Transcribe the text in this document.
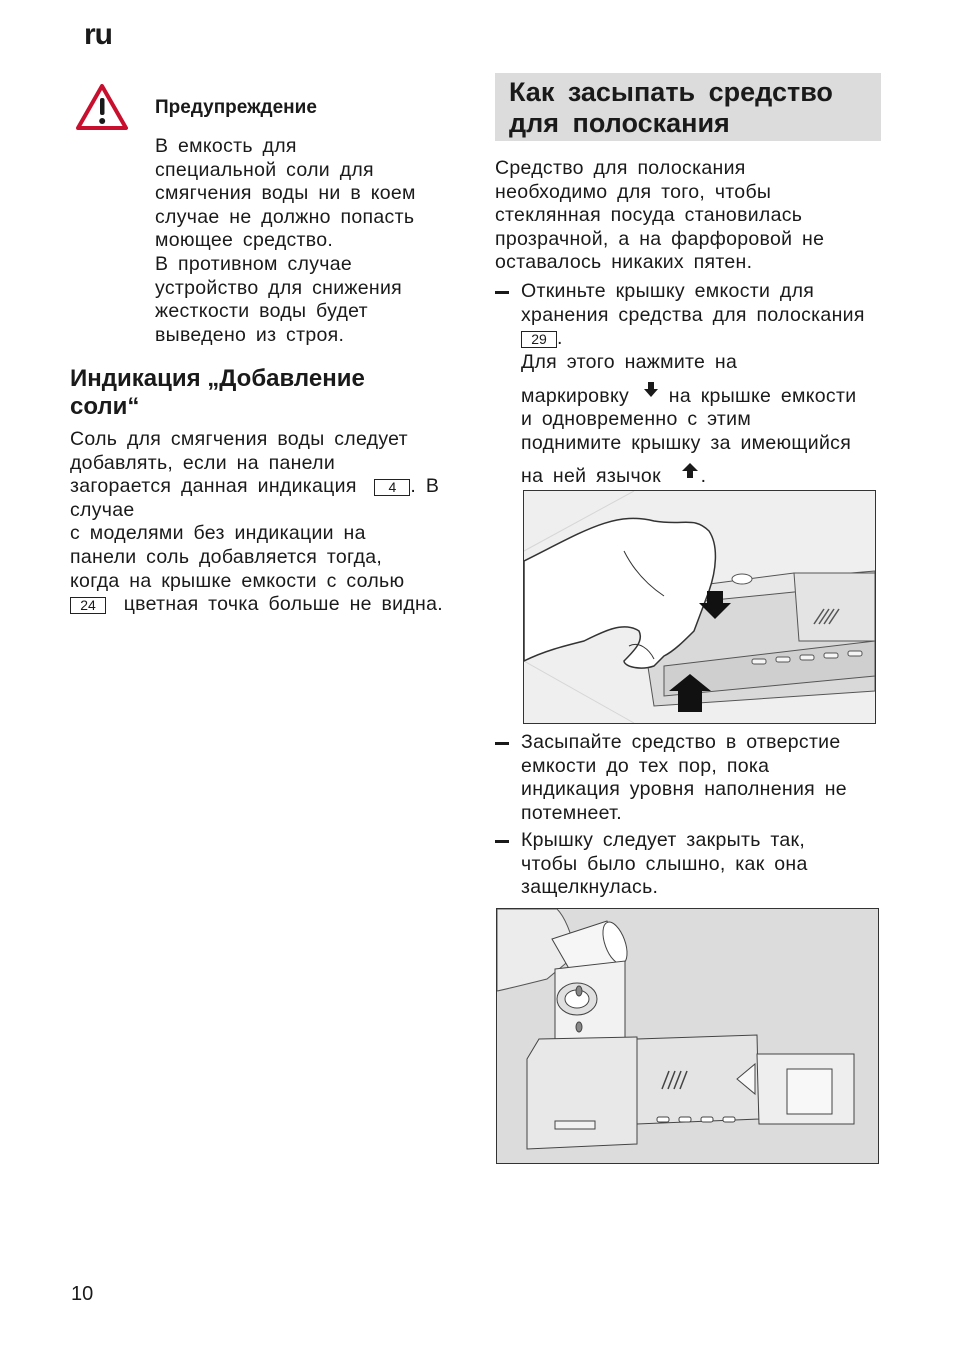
ru
Предупреждение
В емкость для
специальной соли для
смягчения воды ни в коем
случае не должно попасть
моющее средство.
В противном случае
устройство для снижения
жесткости воды будет
выведено из строя.
Индикация „Добавление
соли“
Соль для смягчения воды следует
добавлять, если на панели
загорается данная индикация 4 . В
случае
с моделями без индикации на
панели соль добавляется тогда,
когда на крышке емкости с солью
24 цветная точка больше не видна.
Как засыпать средство
для полоскания
Средство для полоскания
необходимо для того, чтобы
стеклянная посуда становилась
прозрачной, а на фарфоровой не
оставалось никаких пятен.
Откиньте крышку емкости для
хранения средства для полоскания
29 .
Для этого нажмите на
маркировку на крышке емкости
и одновременно с этим
поднимите крышку за имеющийся
на ней язычок .
Засыпайте средство в отверстие
емкости до тех пор, пока
индикация уровня наполнения не
потемнеет.
Крышку следует закрыть так,
чтобы было слышно, как она
защелкнулась.
10
